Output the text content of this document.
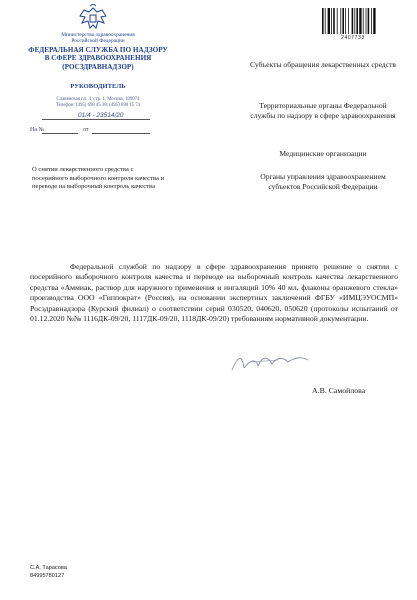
Министерство здравоохранения
Российской Федерации
ФЕДЕРАЛЬНАЯ СЛУЖБА ПО НАДЗОРУ
В СФЕРЕ ЗДРАВООХРАНЕНИЯ
(РОСЗДРАВНАДЗОР)
РУКОВОДИТЕЛЬ
Славянская пл. 4, стр. 1, Москва, 109074
Телефон: (495) 698 45 38; (495) 698 15 74
01/4 - 23514/20
На №	от
2407733
Субъекты обращения лекарственных средств
Территориальные органы Федеральной службы по надзору в сфере здравоохранения
Медицинские организации
Органы управления здравоохранением субъектов Российской Федерации
О снятии лекарственного средства с посерийного выборочного контроля качества и переводе на выборочный контроль качества
Федеральной службой по надзору в сфере здравоохранения принято решение о снятии с посерийного выборочного контроля качества и переводе на выборочный контроль качества лекарственного средства «Аммиак, раствор для наружного применения и ингаляций 10% 40 мл, флаконы оранжевого стекла» производства ООО «Гиппократ» (Россия), на основании экспертных заключений ФГБУ «ИМЦЭУОСМП» Росздравнадзора (Курский филиал) о соответствии серий 030520, 040620, 050620 (протоколы испытаний от 01.12.2020 №№ 1116ДК-09/20, 1117ДК-09/20, 1118ДК-09/20) требованиям нормативной документации.
А.В. Самойлова
С.А. Тарасова
84995780127
